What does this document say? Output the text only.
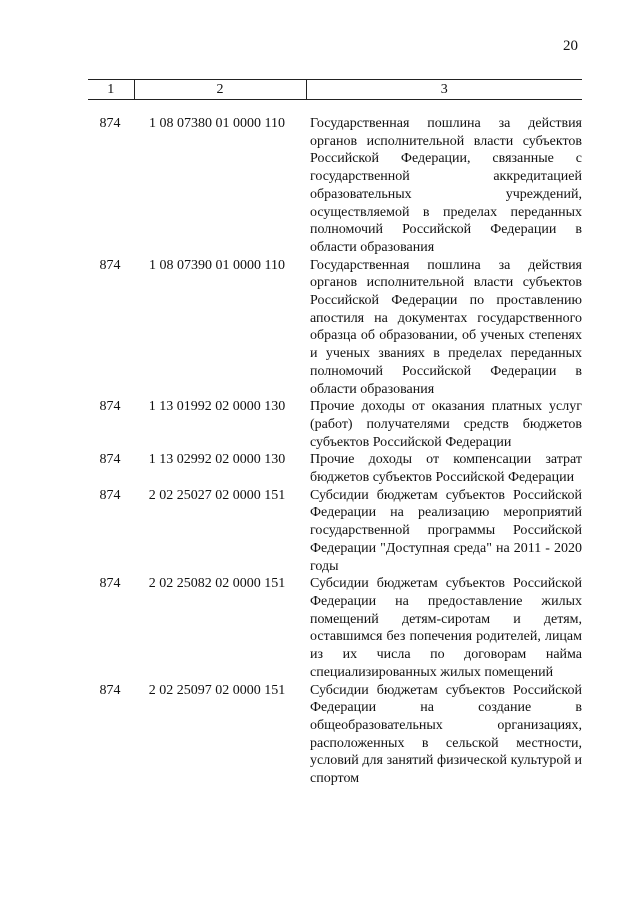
20
1	2	3

874	1 08 07380 01 0000 110	Государственная пошлина за действия органов исполнительной власти субъектов Российской Федерации, связанные с государственной аккредитацией образовательных учреждений, осуществляемой в пределах переданных полномочий Российской Федерации в области образования
874	1 08 07390 01 0000 110	Государственная пошлина за действия органов исполнительной власти субъектов Российской Федерации по проставлению апостиля на документах государственного образца об образовании, об ученых степенях и ученых званиях в пределах переданных полномочий Российской Федерации в области образования
874	1 13 01992 02 0000 130	Прочие доходы от оказания платных услуг (работ) получателями средств бюджетов субъектов Российской Федерации
874	1 13 02992 02 0000 130	Прочие доходы от компенсации затрат бюджетов субъектов Российской Федерации
874	2 02 25027 02 0000 151	Субсидии бюджетам субъектов Российской Федерации на реализацию мероприятий государственной программы Российской Федерации "Доступная среда" на 2011 - 2020 годы
874	2 02 25082 02 0000 151	Субсидии бюджетам субъектов Российской Федерации на предоставление жилых помещений детям-сиротам и детям, оставшимся без попечения родителей, лицам из их числа по договорам найма специализированных жилых помещений
874	2 02 25097 02 0000 151	Субсидии бюджетам субъектов Российской Федерации на создание в общеобразовательных организациях, расположенных в сельской местности, условий для занятий физической культурой и спортом
